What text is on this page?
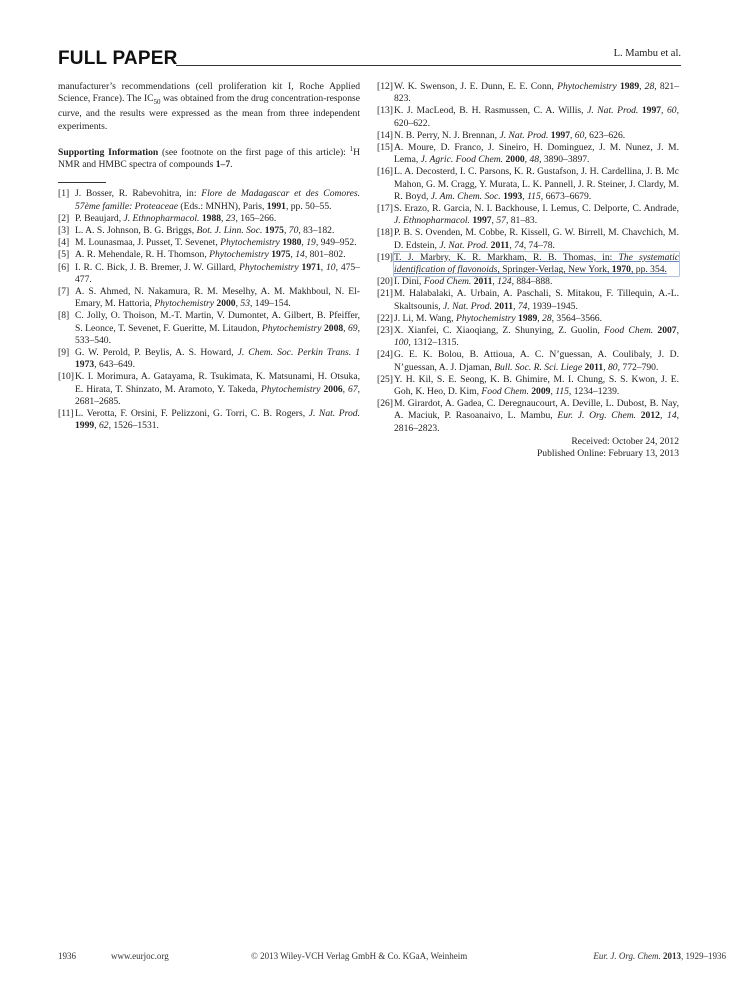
FULL PAPER	L. Mambu et al.

manufacturer’s recommendations (cell proliferation kit I, Roche Applied Science, France). The $IC_{50}$ was obtained from the drug concentration-response curve, and the results were expressed as the mean from three independent experiments.

Supporting Information (see footnote on the first page of this article): $^1$H NMR and HMBC spectra of compounds 1–7.

[1] J. Bosser, R. Rabevohitra, in: Flore de Madagascar et des Comores. 57ème famille: Proteaceae (Eds.: MNHN), Paris, 1991, pp. 50–55.
[2] P. Beaujard, J. Ethnopharmacol. 1988, 23, 165–266.
[3] L. A. S. Johnson, B. G. Briggs, Bot. J. Linn. Soc. 1975, 70, 83–182.
[4] M. Lounasmaa, J. Pusset, T. Sevenet, Phytochemistry 1980, 19, 949–952.
[5] A. R. Mehendale, R. H. Thomson, Phytochemistry 1975, 14, 801–802.
[6] I. R. C. Bick, J. B. Bremer, J. W. Gillard, Phytochemistry 1971, 10, 475–477.
[7] A. S. Ahmed, N. Nakamura, R. M. Meselhy, A. M. Makhboul, N. El-Emary, M. Hattoria, Phytochemistry 2000, 53, 149–154.
[8] C. Jolly, O. Thoison, M.-T. Martin, V. Dumontet, A. Gilbert, B. Pfeiffer, S. Leonce, T. Sevenet, F. Gueritte, M. Litaudon, Phytochemistry 2008, 69, 533–540.
[9] G. W. Perold, P. Beylis, A. S. Howard, J. Chem. Soc. Perkin Trans. 1 1973, 643–649.
[10] K. I. Morimura, A. Gatayama, R. Tsukimata, K. Matsunami, H. Otsuka, E. Hirata, T. Shinzato, M. Aramoto, Y. Takeda, Phytochemistry 2006, 67, 2681–2685.
[11] L. Verotta, F. Orsini, F. Pelizzoni, G. Torri, C. B. Rogers, J. Nat. Prod. 1999, 62, 1526–1531.
[12] W. K. Swenson, J. E. Dunn, E. E. Conn, Phytochemistry 1989, 28, 821–823.
[13] K. J. MacLeod, B. H. Rasmussen, C. A. Willis, J. Nat. Prod. 1997, 60, 620–622.
[14] N. B. Perry, N. J. Brennan, J. Nat. Prod. 1997, 60, 623–626.
[15] A. Moure, D. Franco, J. Sineiro, H. Dominguez, J. M. Nunez, J. M. Lema, J. Agric. Food Chem. 2000, 48, 3890–3897.
[16] L. A. Decosterd, I. C. Parsons, K. R. Gustafson, J. H. Cardellina, J. B. Mc Mahon, G. M. Cragg, Y. Murata, L. K. Pannell, J. R. Steiner, J. Clardy, M. R. Boyd, J. Am. Chem. Soc. 1993, 115, 6673–6679.
[17] S. Erazo, R. Garcia, N. I. Backhouse, I. Lemus, C. Delporte, C. Andrade, J. Ethnopharmacol. 1997, 57, 81–83.
[18] P. B. S. Ovenden, M. Cobbe, R. Kissell, G. W. Birrell, M. Chavchich, M. D. Edstein, J. Nat. Prod. 2011, 74, 74–78.
[19] T. J. Marbry, K. R. Markham, R. B. Thomas, in: The systematic identification of flavonoids, Springer-Verlag, New York, 1970, pp. 354.
[20] I. Dini, Food Chem. 2011, 124, 884–888.
[21] M. Halabalaki, A. Urbain, A. Paschali, S. Mitakou, F. Tillequin, A.-L. Skaltsounis, J. Nat. Prod. 2011, 74, 1939–1945.
[22] J. Li, M. Wang, Phytochemistry 1989, 28, 3564–3566.
[23] X. Xianfei, C. Xiaoqiang, Z. Shunying, Z. Guolin, Food Chem. 2007, 100, 1312–1315.
[24] G. E. K. Bolou, B. Attioua, A. C. N’guessan, A. Coulibaly, J. D. N’guessan, A. J. Djaman, Bull. Soc. R. Sci. Liege 2011, 80, 772–790.
[25] Y. H. Kil, S. E. Seong, K. B. Ghimire, M. I. Chung, S. S. Kwon, J. E. Goh, K. Heo, D. Kim, Food Chem. 2009, 115, 1234–1239.
[26] M. Girardot, A. Gadea, C. Deregnaucourt, A. Deville, L. Dubost, B. Nay, A. Maciuk, P. Rasoanaivo, L. Mambu, Eur. J. Org. Chem. 2012, 14, 2816–2823.
Received: October 24, 2012
Published Online: February 13, 2013
1936	www.eurjoc.org	© 2013 Wiley-VCH Verlag GmbH & Co. KGaA, Weinheim	Eur. J. Org. Chem. 2013 , 1929–1936
